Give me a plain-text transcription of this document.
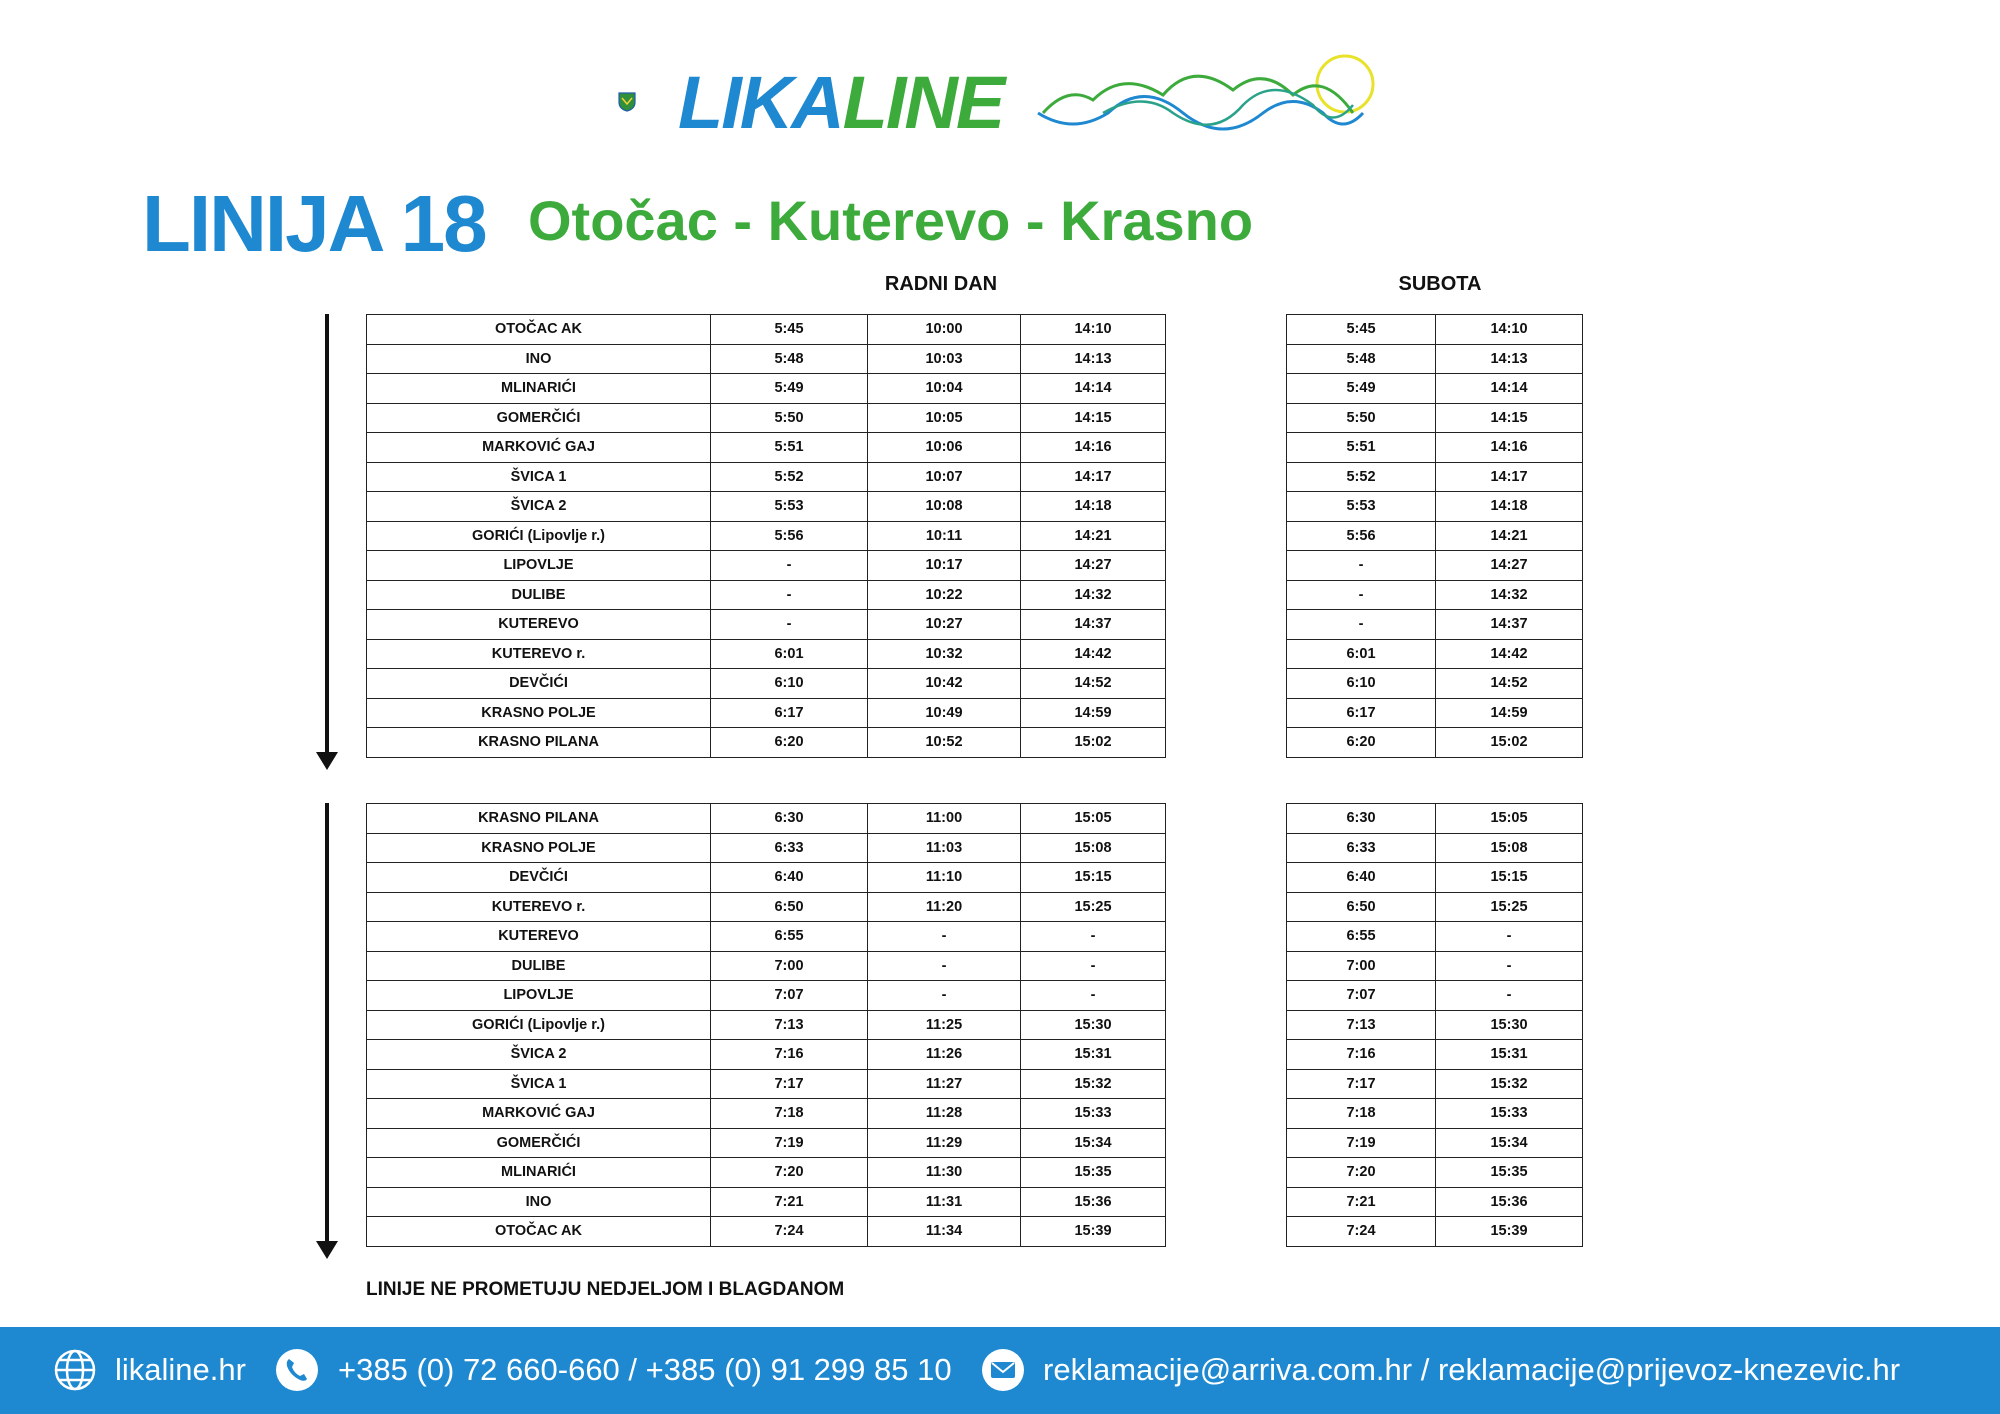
LIKALINE
LINIJA 18 Otočac - Kuterevo - Krasno
RADNI DAN	SUBOTA
OTOČAC AK	5:45	10:00	14:10
INO	5:48	10:03	14:13
MLINARIĆI	5:49	10:04	14:14
GOMERČIĆI	5:50	10:05	14:15
MARKOVIĆ GAJ	5:51	10:06	14:16
ŠVICA 1	5:52	10:07	14:17
ŠVICA 2	5:53	10:08	14:18
GORIĆI (Lipovlje r.)	5:56	10:11	14:21
LIPOVLJE	-	10:17	14:27
DULIBE	-	10:22	14:32
KUTEREVO	-	10:27	14:37
KUTEREVO r.	6:01	10:32	14:42
DEVČIĆI	6:10	10:42	14:52
KRASNO POLJE	6:17	10:49	14:59
KRASNO PILANA	6:20	10:52	15:02
5:45	14:10
5:48	14:13
5:49	14:14
5:50	14:15
5:51	14:16
5:52	14:17
5:53	14:18
5:56	14:21
-	14:27
-	14:32
-	14:37
6:01	14:42
6:10	14:52
6:17	14:59
6:20	15:02
KRASNO PILANA	6:30	11:00	15:05
KRASNO POLJE	6:33	11:03	15:08
DEVČIĆI	6:40	11:10	15:15
KUTEREVO r.	6:50	11:20	15:25
KUTEREVO	6:55	-	-
DULIBE	7:00	-	-
LIPOVLJE	7:07	-	-
GORIĆI (Lipovlje r.)	7:13	11:25	15:30
ŠVICA 2	7:16	11:26	15:31
ŠVICA 1	7:17	11:27	15:32
MARKOVIĆ GAJ	7:18	11:28	15:33
GOMERČIĆI	7:19	11:29	15:34
MLINARIĆI	7:20	11:30	15:35
INO	7:21	11:31	15:36
OTOČAC AK	7:24	11:34	15:39
6:30	15:05
6:33	15:08
6:40	15:15
6:50	15:25
6:55	-
7:00	-
7:07	-
7:13	15:30
7:16	15:31
7:17	15:32
7:18	15:33
7:19	15:34
7:20	15:35
7:21	15:36
7:24	15:39
LINIJE NE PROMETUJU NEDJELJOM I BLAGDANOM
likaline.hr	+385 (0) 72 660-660 / +385 (0) 91 299 85 10	reklamacije@arriva.com.hr / reklamacije@prijevoz-knezevic.hr
